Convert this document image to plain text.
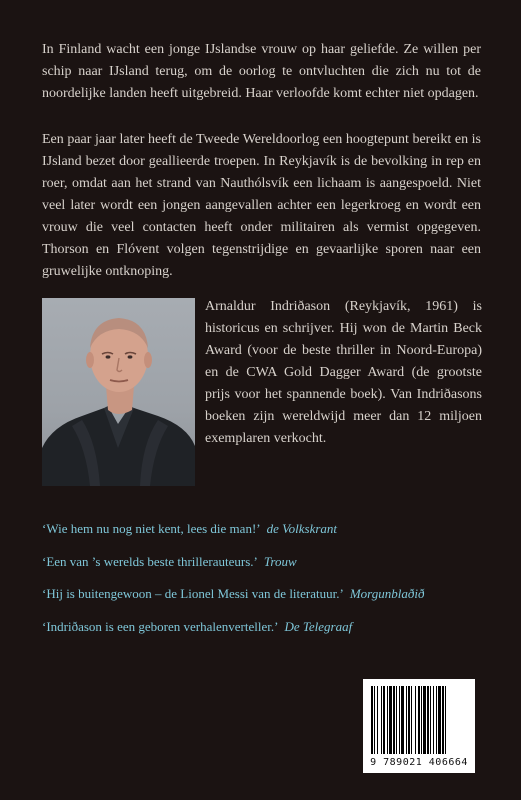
In Finland wacht een jonge IJslandse vrouw op haar geliefde. Ze willen per schip naar IJsland terug, om de oorlog te ontvluchten die zich nu tot de noordelijke landen heeft uitgebreid. Haar verloofde komt echter niet opdagen.

Een paar jaar later heeft de Tweede Wereldoorlog een hoogtepunt bereikt en is IJsland bezet door geallieerde troepen. In Reykjavík is de bevolking in rep en roer, omdat aan het strand van Nauthólsvík een lichaam is aangespoeld. Niet veel later wordt een jongen aangevallen achter een legerkroeg en wordt een vrouw die veel contacten heeft onder militairen als vermist opgegeven. Thorson en Flóvent volgen tegenstrijdige en gevaarlijke sporen naar een gruwelijke ontknoping.

Arnaldur Indriðason (Reykjavík, 1961) is historicus en schrijver. Hij won de Martin Beck Award (voor de beste thriller in Noord-Europa) en de CWA Gold Dagger Award (de grootste prijs voor het spannende boek). Van Indriðasons boeken zijn wereldwijd meer dan 12 miljoen exemplaren verkocht.

‘Wie hem nu nog niet kent, lees die man!’ de Volkskrant

‘Een van ’s werelds beste thrillerauteurs.’ Trouw

‘Hij is buitengewoon – de Lionel Messi van de literatuur.’ Morgunblaðið

‘Indriðason is een geboren verhalenverteller.’ De Telegraaf

9 789021 406664
